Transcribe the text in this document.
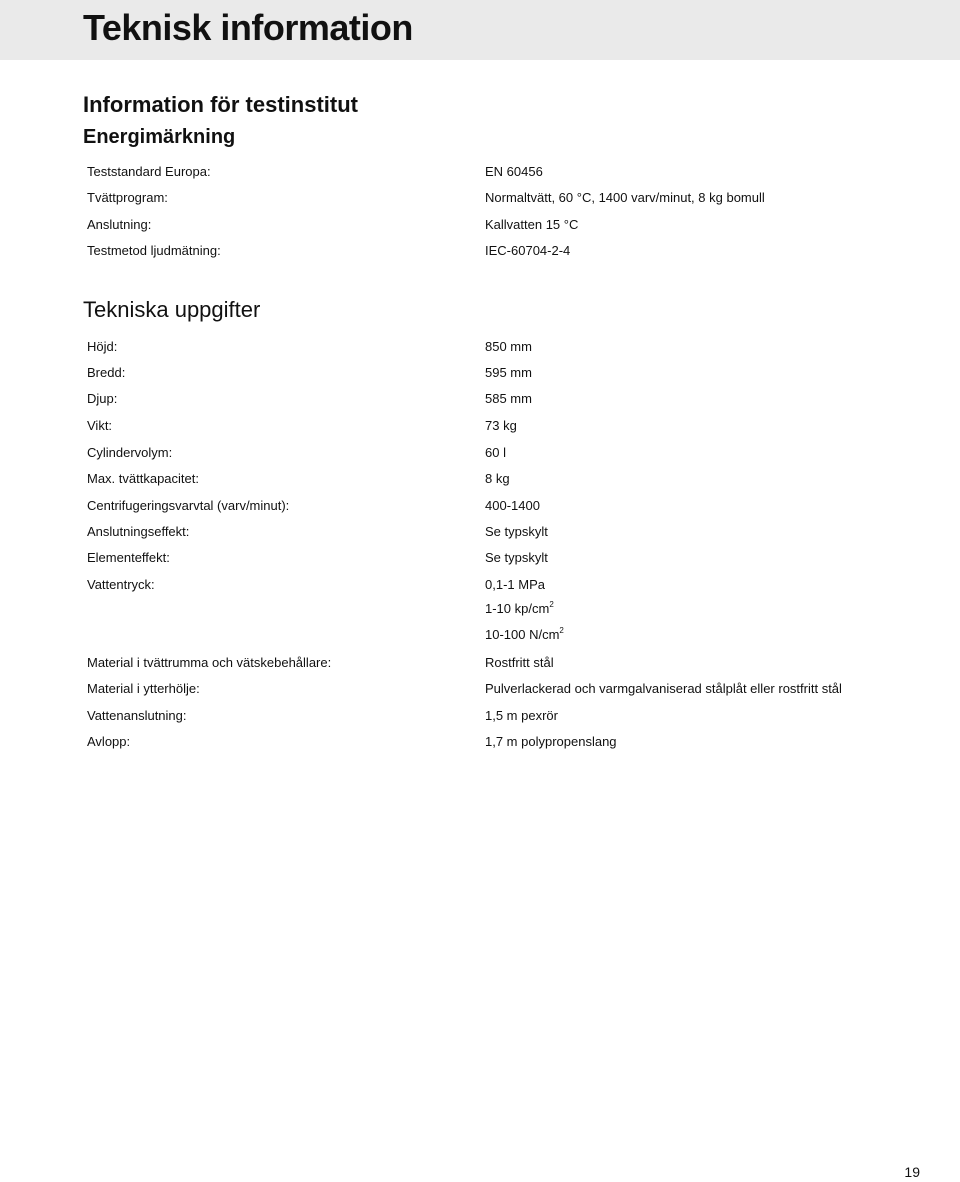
Teknisk information
Information för testinstitut
Energimärkning
Teststandard Europa:	EN 60456
Tvättprogram:	Normaltvätt, 60 °C, 1400 varv/minut, 8 kg bomull
Anslutning:	Kallvatten 15 °C
Testmetod ljudmätning:	IEC-60704-2-4
Tekniska uppgifter
Höjd:	850 mm
Bredd:	595 mm
Djup:	585 mm
Vikt:	73 kg
Cylindervolym:	60 l
Max. tvättkapacitet:	8 kg
Centrifugeringsvarvtal (varv/minut):	400-1400
Anslutningseffekt:	Se typskylt
Elementeffekt:	Se typskylt
Vattentryck:	0,1-1 MPa
1-10 $kp/cm^2$
10-100 $N/cm^2$
Material i tvättrumma och vätskebehållare:	Rostfritt stål
Material i ytterhölje:	Pulverlackerad och varmgalvaniserad stålplåt eller rostfritt stål
Vattenanslutning:	1,5 m pexrör
Avlopp:	1,7 m polypropenslang
19
